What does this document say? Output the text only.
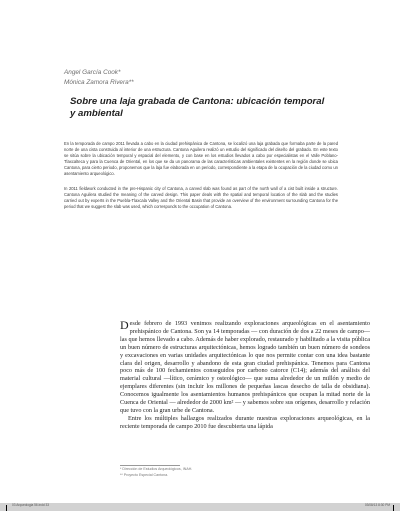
Angel García Cook*
Mónica Zamora Rivera**
Sobre una laja grabada de Cantona: ubicación temporal y ambiental

En la temporada de campo 2011 llevada a cabo en la ciudad prehispánica de Cantona, se localizó una laja grabada que formaba parte de la pared norte de una cista construida al interior de una estructura. Cantona Aguilera realizó un estudio del significado del diseño del grabado. En este texto se sitúa sobre la ubicación temporal y espacial del elemento, y con base en los estudios llevados a cabo por especialistas en el Valle Poblano-Tlaxcalteca y para la Cuenca de Oriental, en los que se da un panorama de las características ambientales existentes en la región donde se ubica Cantona, para cierto periodo, proponemos que la laja fue elaborada en un periodo, correspondiente a la etapa de la ocupación de la ciudad como un asentamiento arqueológico.

In 2011 fieldwork conducted in the pre-Hispanic city of Cantona, a carved slab was found as part of the north wall of a cist built inside a structure. Cantona Aguilera studied the meaning of the carved design. This paper deals with the spatial and temporal location of the slab and the studies carried out by experts in the Puebla-Tlaxcala Valley and the Oriental Basin that provide an overview of the environment surrounding Cantona for the period that we suggest the slab was used, which corresponds to the occupation of Cantona.

Desde febrero de 1993 venimos realizando exploraciones arqueológicas en el asentamiento prehispánico de Cantona. Son ya 14 temporadas — con duración de dos a 22 meses de campo— las que hemos llevado a cabo. Además de haber explorado, restaurado y habilitado a la visita pública un buen número de estructuras arquitectónicas, hemos logrado también un buen número de sondeos y excavaciones en varias unidades arquitectónicas lo que nos permite contar con una idea bastante clara del origen, desarrollo y abandono de esta gran ciudad prehispánica. Tenemos para Cantona poco más de 100 fechamientos conseguidos por carbono catorce (C14); además del análisis del material cultural —lítico, cerámico y osteológico— que suma alrededor de un millón y medio de ejemplares diferentes (sin incluir los millones de pequeñas lascas desecho de talla de obsidiana). Conocemos igualmente los asentamientos humanos prehispánicos que ocupan la mitad norte de la Cuenca de Oriental — alrededor de 2000 km² — y sabemos sobre sus orígenes, desarrollo y relación que tuvo con la gran urbe de Cantona.

Entre los múltiples hallazgos realizados durante nuestras exploraciones arqueológicas, en la reciente temporada de campo 2010 fue descubierta una lápida

* Dirección de Estudios Arqueológicos, INAH.
** Proyecto Especial Cantona.
03 Arqueologia 56.indd 33	03/08/13 8:30 PM
